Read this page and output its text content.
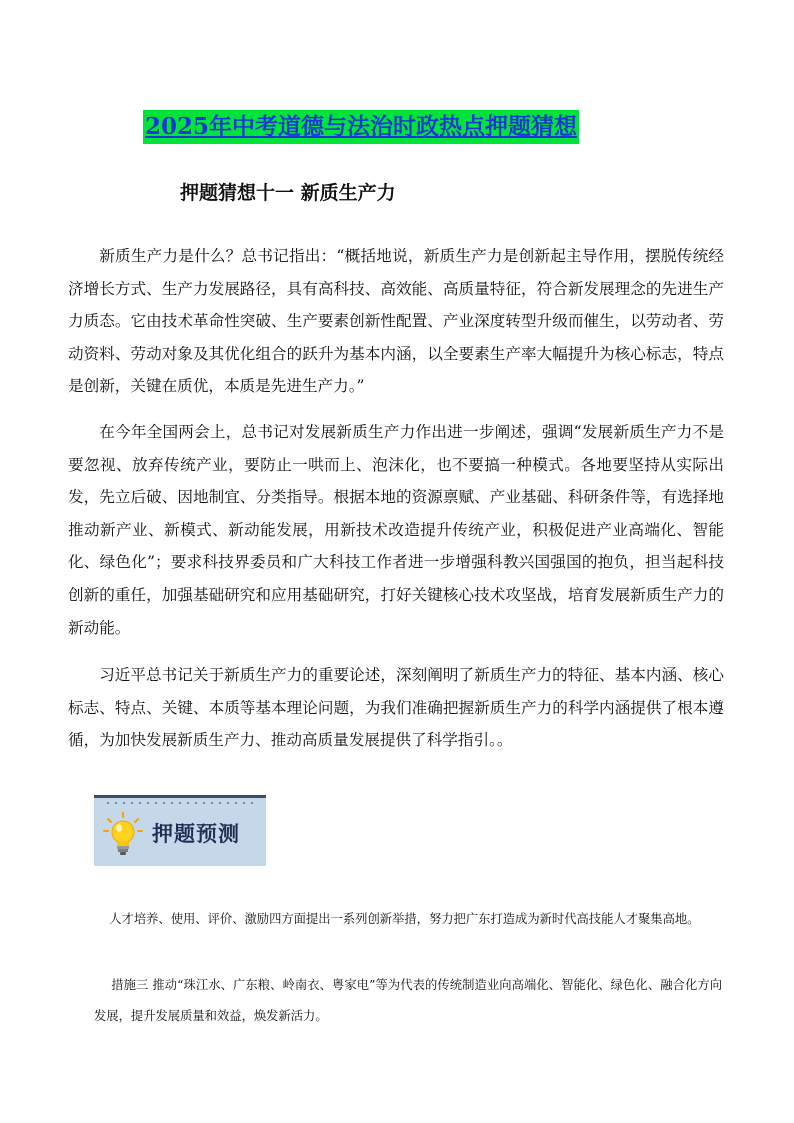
2025年中考道德与法治时政热点押题猜想
押题猜想十一 新质生产力

新质生产力是什么？总书记指出：“概括地说，新质生产力是创新起主导作用，摆脱传统经济增长方式、生产力发展路径，具有高科技、高效能、高质量特征，符合新发展理念的先进生产力质态。它由技术革命性突破、生产要素创新性配置、产业深度转型升级而催生，以劳动者、劳动资料、劳动对象及其优化组合的跃升为基本内涵，以全要素生产率大幅提升为核心标志，特点是创新，关键在质优，本质是先进生产力。”

在今年全国两会上，总书记对发展新质生产力作出进一步阐述，强调“发展新质生产力不是要忽视、放弃传统产业，要防止一哄而上、泡沫化，也不要搞一种模式。各地要坚持从实际出发，先立后破、因地制宜、分类指导。根据本地的资源禀赋、产业基础、科研条件等，有选择地推动新产业、新模式、新动能发展，用新技术改造提升传统产业，积极促进产业高端化、智能化、绿色化”；要求科技界委员和广大科技工作者进一步增强科教兴国强国的抱负，担当起科技创新的重任，加强基础研究和应用基础研究，打好关键核心技术攻坚战，培育发展新质生产力的新动能。

习近平总书记关于新质生产力的重要论述，深刻阐明了新质生产力的特征、基本内涵、核心标志、特点、关键、本质等基本理论问题，为我们准确把握新质生产力的科学内涵提供了根本遵循，为加快发展新质生产力、推动高质量发展提供了科学指引。。

押题预测

人才培养、使用、评价、激励四方面提出一系列创新举措，努力把广东打造成为新时代高技能人才聚集高地。

措施三 推动“珠江水、广东粮、岭南衣、粤家电”等为代表的传统制造业向高端化、智能化、绿色化、融合化方向发展，提升发展质量和效益，焕发新活力。
